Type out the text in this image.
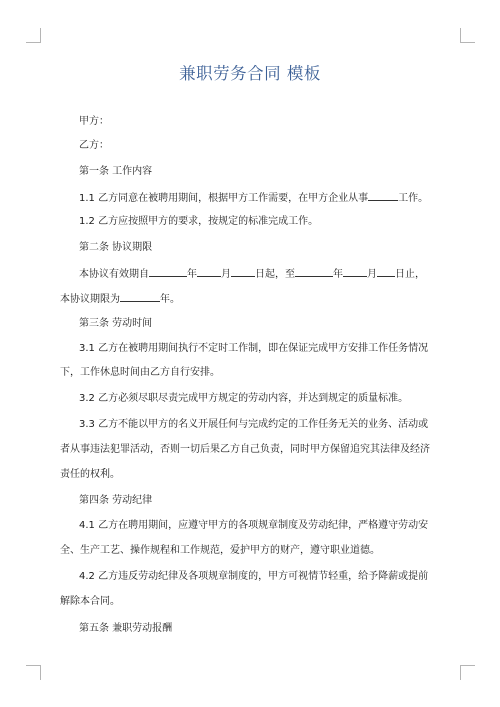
兼职劳务合同 模板
甲方：
乙方：
第一条 工作内容
1.1 乙方同意在被聘用期间，根据甲方工作需要，在甲方企业从事	工作。
1.2 乙方应按照甲方的要求，按规定的标准完成工作。
第二条 协议期限
本协议有效期自	年 月 日起，至	年 月 日止，
本协议期限为	年。
第三条 劳动时间
3.1 乙方在被聘用期间执行不定时工作制，即在保证完成甲方安排工作任务情况
下，工作休息时间由乙方自行安排。
3.2 乙方必须尽职尽责完成甲方规定的劳动内容，并达到规定的质量标准。
3.3 乙方不能以甲方的名义开展任何与完成约定的工作任务无关的业务、活动或
者从事违法犯罪活动，否则一切后果乙方自己负责，同时甲方保留追究其法律及经济
责任的权利。
第四条 劳动纪律
4.1 乙方在聘用期间，应遵守甲方的各项规章制度及劳动纪律，严格遵守劳动安
全、生产工艺、操作规程和工作规范，爱护甲方的财产，遵守职业道德。
4.2 乙方违反劳动纪律及各项规章制度的，甲方可视情节轻重，给予降薪或提前
解除本合同。
第五条 兼职劳动报酬
